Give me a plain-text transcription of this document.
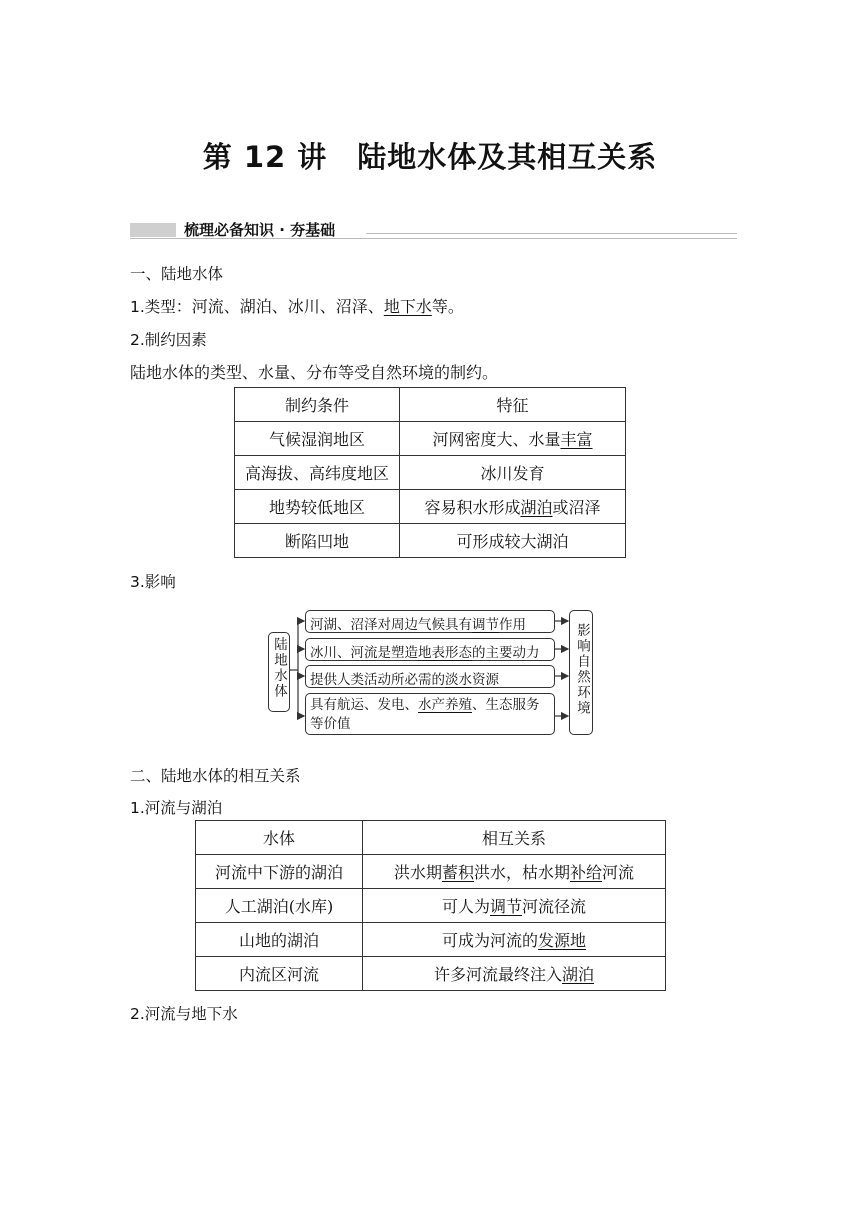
第 12 讲　陆地水体及其相互关系
梳理必备知识 · 夯基础
一、陆地水体
1.类型：河流、湖泊、冰川、沼泽、地下水等。
2.制约因素
陆地水体的类型、水量、分布等受自然环境的制约。
制约条件	特征
气候湿润地区	河网密度大、水量丰富
高海拔、高纬度地区	冰川发育
地势较低地区	容易积水形成湖泊或沼泽
断陷凹地	可形成较大湖泊
3.影响
陆地水体
河湖、沼泽对周边气候具有调节作用
冰川、河流是塑造地表形态的主要动力
提供人类活动所必需的淡水资源
具有航运、发电、水产养殖、生态服务等价值
影响自然环境
二、陆地水体的相互关系
1.河流与湖泊
水体	相互关系
河流中下游的湖泊	洪水期蓄积洪水，枯水期补给河流
人工湖泊(水库)	可人为调节河流径流
山地的湖泊	可成为河流的发源地
内流区河流	许多河流最终注入湖泊
2.河流与地下水
